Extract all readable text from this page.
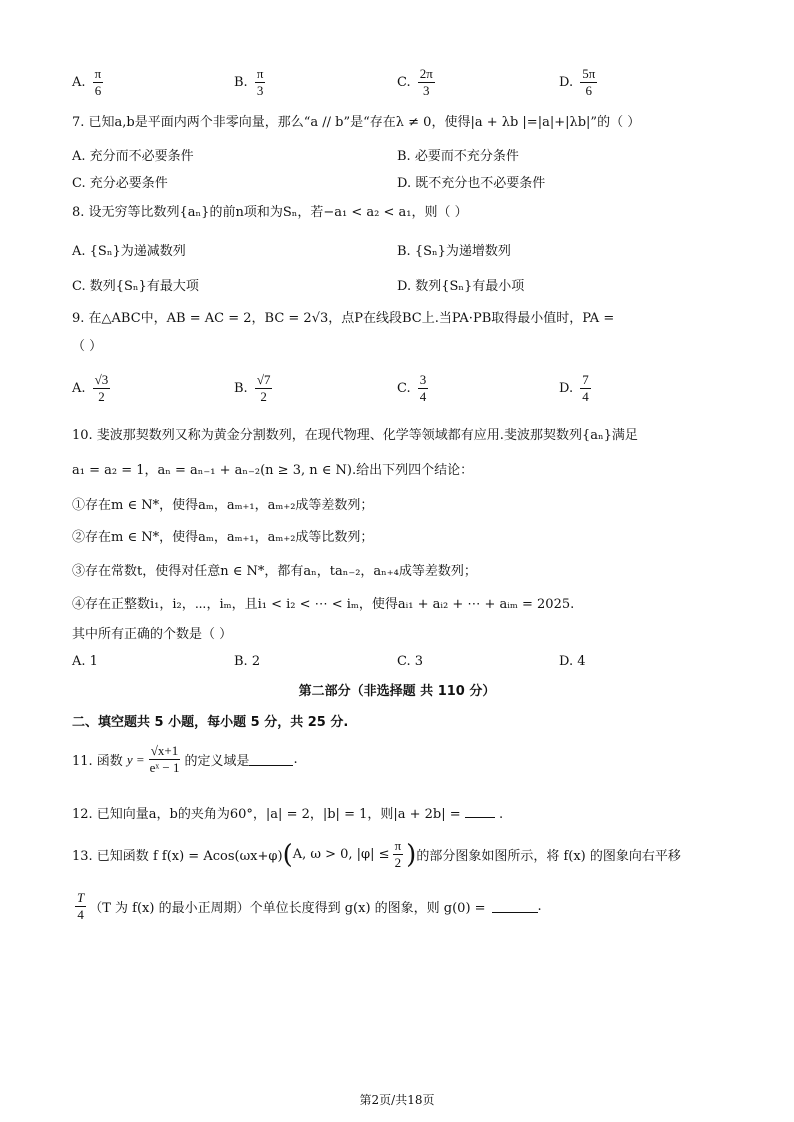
A. $\frac{\pi}{6}$	B. $\frac{\pi}{3}$	C. $\frac{2\pi}{3}$	D. $\frac{5\pi}{6}$
7. 已知a,b是平面内两个非零向量，那么“a // b”是“存在λ ≠ 0，使得|a + λb |=|a|+|λb|”的（ ）
A. 充分而不必要条件	B. 必要而不充分条件
C. 充分必要条件	D. 既不充分也不必要条件
8. 设无穷等比数列{aₙ}的前n项和为Sₙ，若−a₁ < a₂ < a₁，则（ ）
A. {Sₙ}为递减数列	B. {Sₙ}为递增数列
C. 数列{Sₙ}有最大项	D. 数列{Sₙ}有最小项
9. 在△ABC中，AB = AC = 2，BC = 2√3，点P在线段BC上.当PA·PB取得最小值时，PA =
（ ）
A. $\frac{√3}{2}$	B. $\frac{√7}{2}$	C. $\frac{3}{4}$	D. $\frac{7}{4}$
10. 斐波那契数列又称为黄金分割数列，在现代物理、化学等领域都有应用.斐波那契数列{aₙ}满足
a₁ = a₂ = 1，aₙ = aₙ₋₁ + aₙ₋₂(n ≥ 3, n ∈ N).给出下列四个结论：
①存在m ∈ N*，使得aₘ，aₘ₊₁，aₘ₊₂成等差数列；
②存在m ∈ N*，使得aₘ，aₘ₊₁，aₘ₊₂成等比数列；
③存在常数t，使得对任意n ∈ N*，都有aₙ，taₙ₋₂，aₙ₊₄成等差数列；
④存在正整数i₁，i₂，⋯，iₘ，且i₁ < i₂ < ⋯ < iₘ，使得aᵢ₁ + aᵢ₂ + ⋯ + aᵢₘ = 2025.
其中所有正确的个数是（ ）
A. 1	B. 2	C. 3	D. 4
第二部分（非选择题 共 110 分）
二、填空题共 5 小题，每小题 5 分，共 25 分.
11. 函数 $y = \frac{√x+1}{\text{eˣ − 1}}$ 的定义域是	.
12. 已知向量a，b的夹角为60°，|a| = 2，|b| = 1，则|a + 2b| =	.
13. 已知函数 f f(x) = Acos(ωx+φ) ( A, ω > 0, $|\varphi| \le \frac{\pi}{2}$ ) 的部分图象如图所示，将 f(x) 的图象向右平移
$\frac{T}{4} (T$ 为 f(x) 的最小正周期）个单位长度得到 g(x) 的图象，则 g(0) =	.
第2页/共18页
